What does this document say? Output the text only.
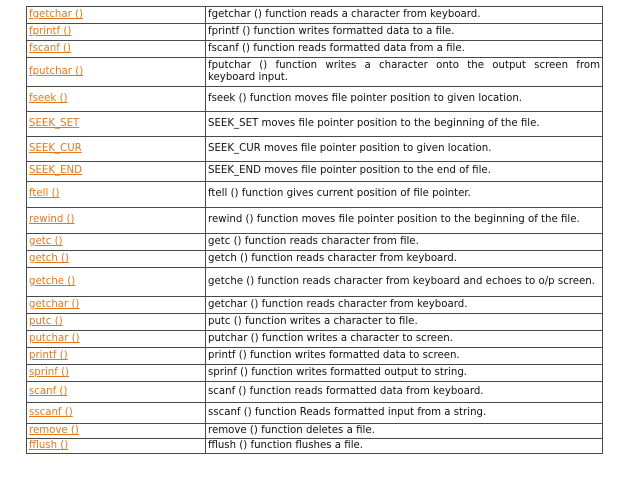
fgetchar ()	fgetchar () function reads a character from keyboard.
fprintf ()	fprintf () function writes formatted data to a file.
fscanf ()	fscanf () function reads formatted data from a file.
fputchar ()	fputchar () function writes a character onto the output screen from keyboard input.
fseek ()	fseek () function moves file pointer position to given location.
SEEK_SET	SEEK_SET moves file pointer position to the beginning of the file.
SEEK_CUR	SEEK_CUR moves file pointer position to given location.
SEEK_END	SEEK_END moves file pointer position to the end of file.
ftell ()	ftell () function gives current position of file pointer.
rewind ()	rewind () function moves file pointer position to the beginning of the file.
getc ()	getc () function reads character from file.
getch ()	getch () function reads character from keyboard.
getche ()	getche () function reads character from keyboard and echoes to o/p screen.
getchar ()	getchar () function reads character from keyboard.
putc ()	putc () function writes a character to file.
putchar ()	putchar () function writes a character to screen.
printf ()	printf () function writes formatted data to screen.
sprinf ()	sprinf () function writes formatted output to string.
scanf ()	scanf () function reads formatted data from keyboard.
sscanf ()	sscanf () function Reads formatted input from a string.
remove ()	remove () function deletes a file.
fflush ()	fflush () function flushes a file.
